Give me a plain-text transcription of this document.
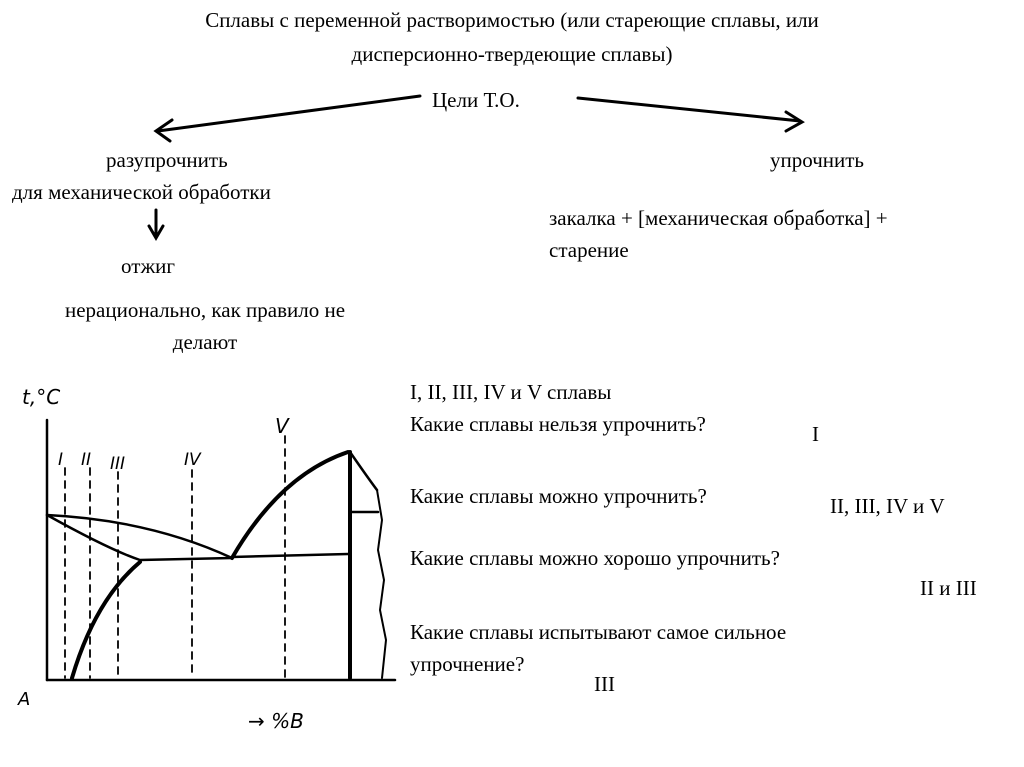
Сплавы с переменной растворимостью (или стареющие сплавы, или
дисперсионно-твердеющие сплавы)
Цели Т.О.
разупрочнить
для механической обработки
отжиг
нерационально, как правило не
делают
упрочнить
закалка + [механическая обработка] +
старение
t,°C
A
→ %B
I II III	IV
V
I, II, III, IV и V сплавы
Какие сплавы нельзя упрочнить?	I
Какие сплавы можно упрочнить?	II, III, IV и V
Какие сплавы можно хорошо упрочнить?
II и III
Какие сплавы испытывают самое сильное
упрочнение?
III
